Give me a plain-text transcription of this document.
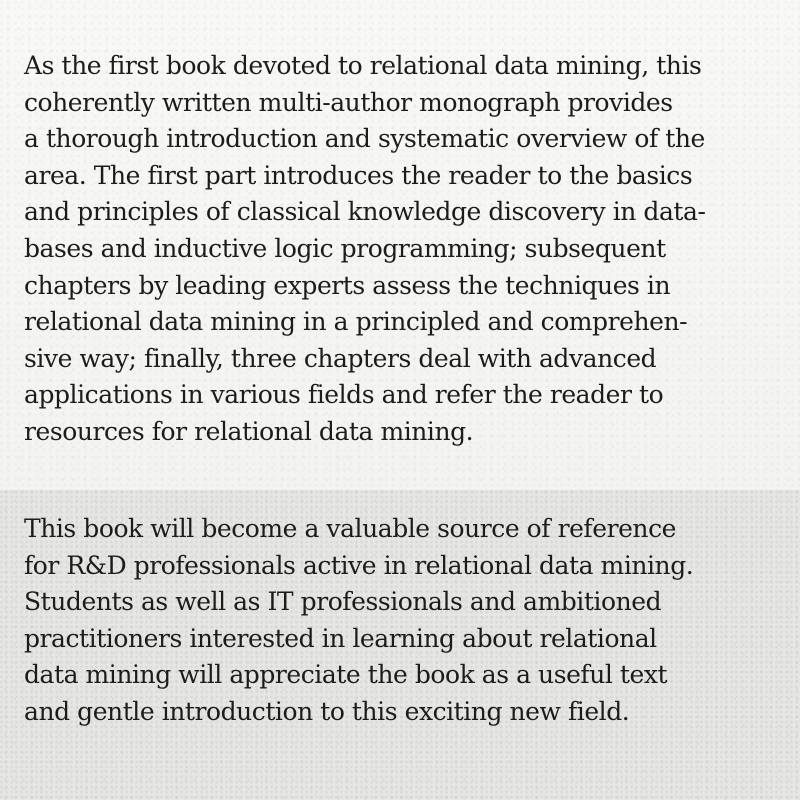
As the first book devoted to relational data mining, this
coherently written multi-author monograph provides
a thorough introduction and systematic overview of the
area. The first part introduces the reader to the basics
and principles of classical knowledge discovery in data-
bases and inductive logic programming; subsequent
chapters by leading experts assess the techniques in
relational data mining in a principled and comprehen-
sive way; finally, three chapters deal with advanced
applications in various fields and refer the reader to
resources for relational data mining.

This book will become a valuable source of reference
for R&D professionals active in relational data mining.
Students as well as IT professionals and ambitioned
practitioners interested in learning about relational
data mining will appreciate the book as a useful text
and gentle introduction to this exciting new field.
